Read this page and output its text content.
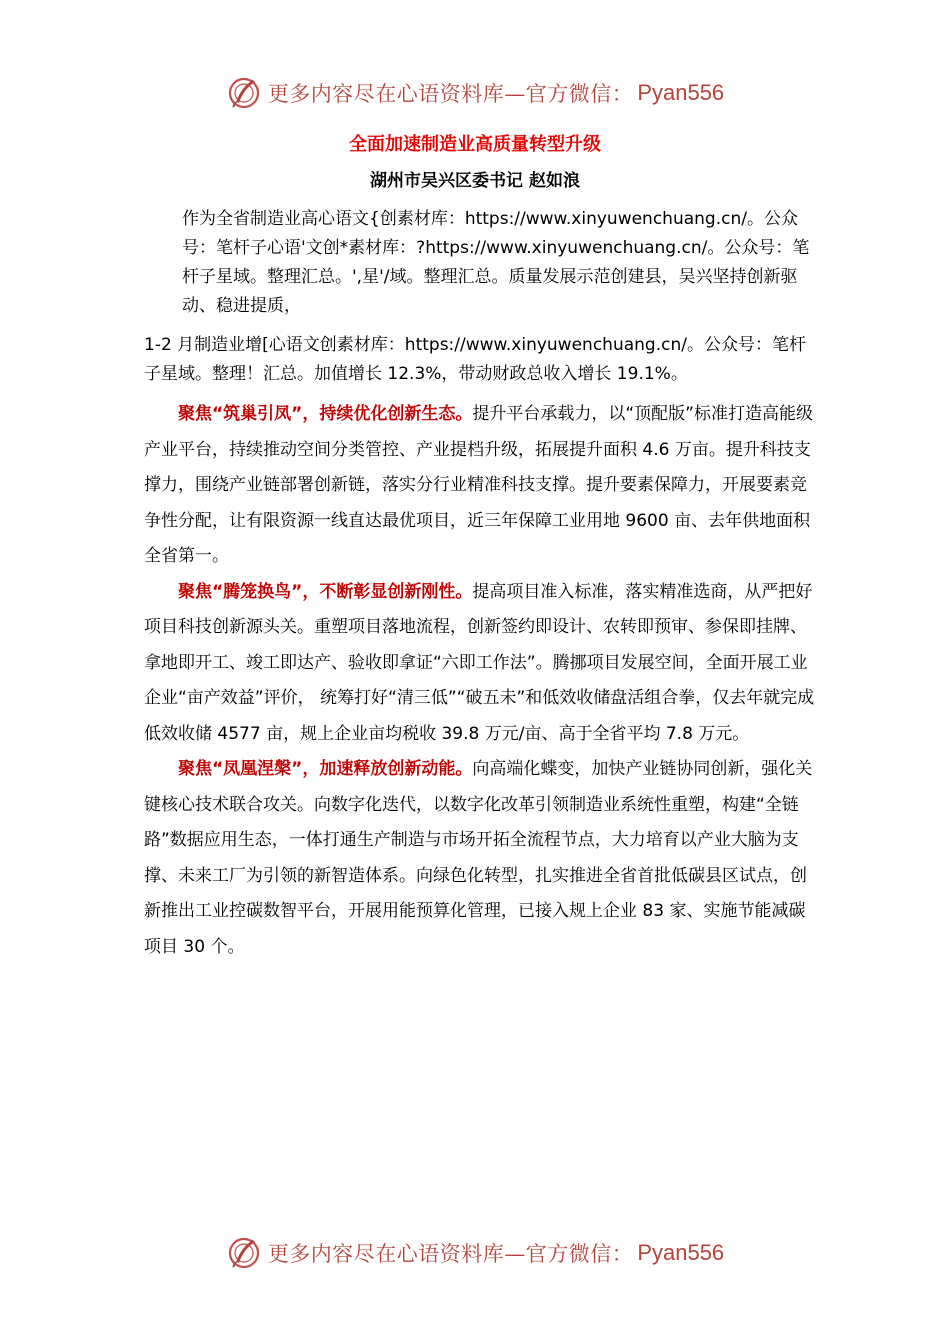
更多内容尽在心语资料库—官方微信： Pyan556
全面加速制造业高质量转型升级
湖州市吴兴区委书记 赵如浪

作为全省制造业高心语文{创素材库：https://www.xinyuwenchuang.cn/。公众号：笔杆子心语'文创*素材库：?https://www.xinyuwenchuang.cn/。公众号：笔杆子星域。整理汇总。',星'/域。整理汇总。质量发展示范创建县，吴兴坚持创新驱动、稳进提质，

1-2 月制造业增[心语文创素材库：https://www.xinyuwenchuang.cn/。公众号：笔杆子星域。整理！汇总。加值增长 12.3%，带动财政总收入增长 19.1%。

聚焦“筑巢引凤”，持续优化创新生态。提升平台承载力，以“顶配版”标准打造高能级产业平台，持续推动空间分类管控、产业提档升级，拓展提升面积 4.6 万亩。提升科技支撑力，围绕产业链部署创新链，落实分行业精准科技支撑。提升要素保障力，开展要素竞争性分配，让有限资源一线直达最优项目，近三年保障工业用地 9600 亩、去年供地面积全省第一。

聚焦“腾笼换鸟”，不断彰显创新刚性。提高项目准入标准，落实精准选商，从严把好项目科技创新源头关。重塑项目落地流程，创新签约即设计、农转即预审、参保即挂牌、拿地即开工、竣工即达产、验收即拿证“六即工作法”。腾挪项目发展空间，全面开展工业企业“亩产效益”评价， 统筹打好“清三低”“破五未”和低效收储盘活组合拳，仅去年就完成低效收储 4577 亩，规上企业亩均税收 39.8 万元/亩、高于全省平均 7.8 万元。

聚焦“凤凰涅槃”，加速释放创新动能。向高端化蝶变，加快产业链协同创新，强化关键核心技术联合攻关。向数字化迭代，以数字化改革引领制造业系统性重塑，构建“全链路”数据应用生态，一体打通生产制造与市场开拓全流程节点，大力培育以产业大脑为支撑、未来工厂为引领的新智造体系。向绿色化转型，扎实推进全省首批低碳县区试点，创新推出工业控碳数智平台，开展用能预算化管理，已接入规上企业 83 家、实施节能减碳项目 30 个。

更多内容尽在心语资料库—官方微信： Pyan556
